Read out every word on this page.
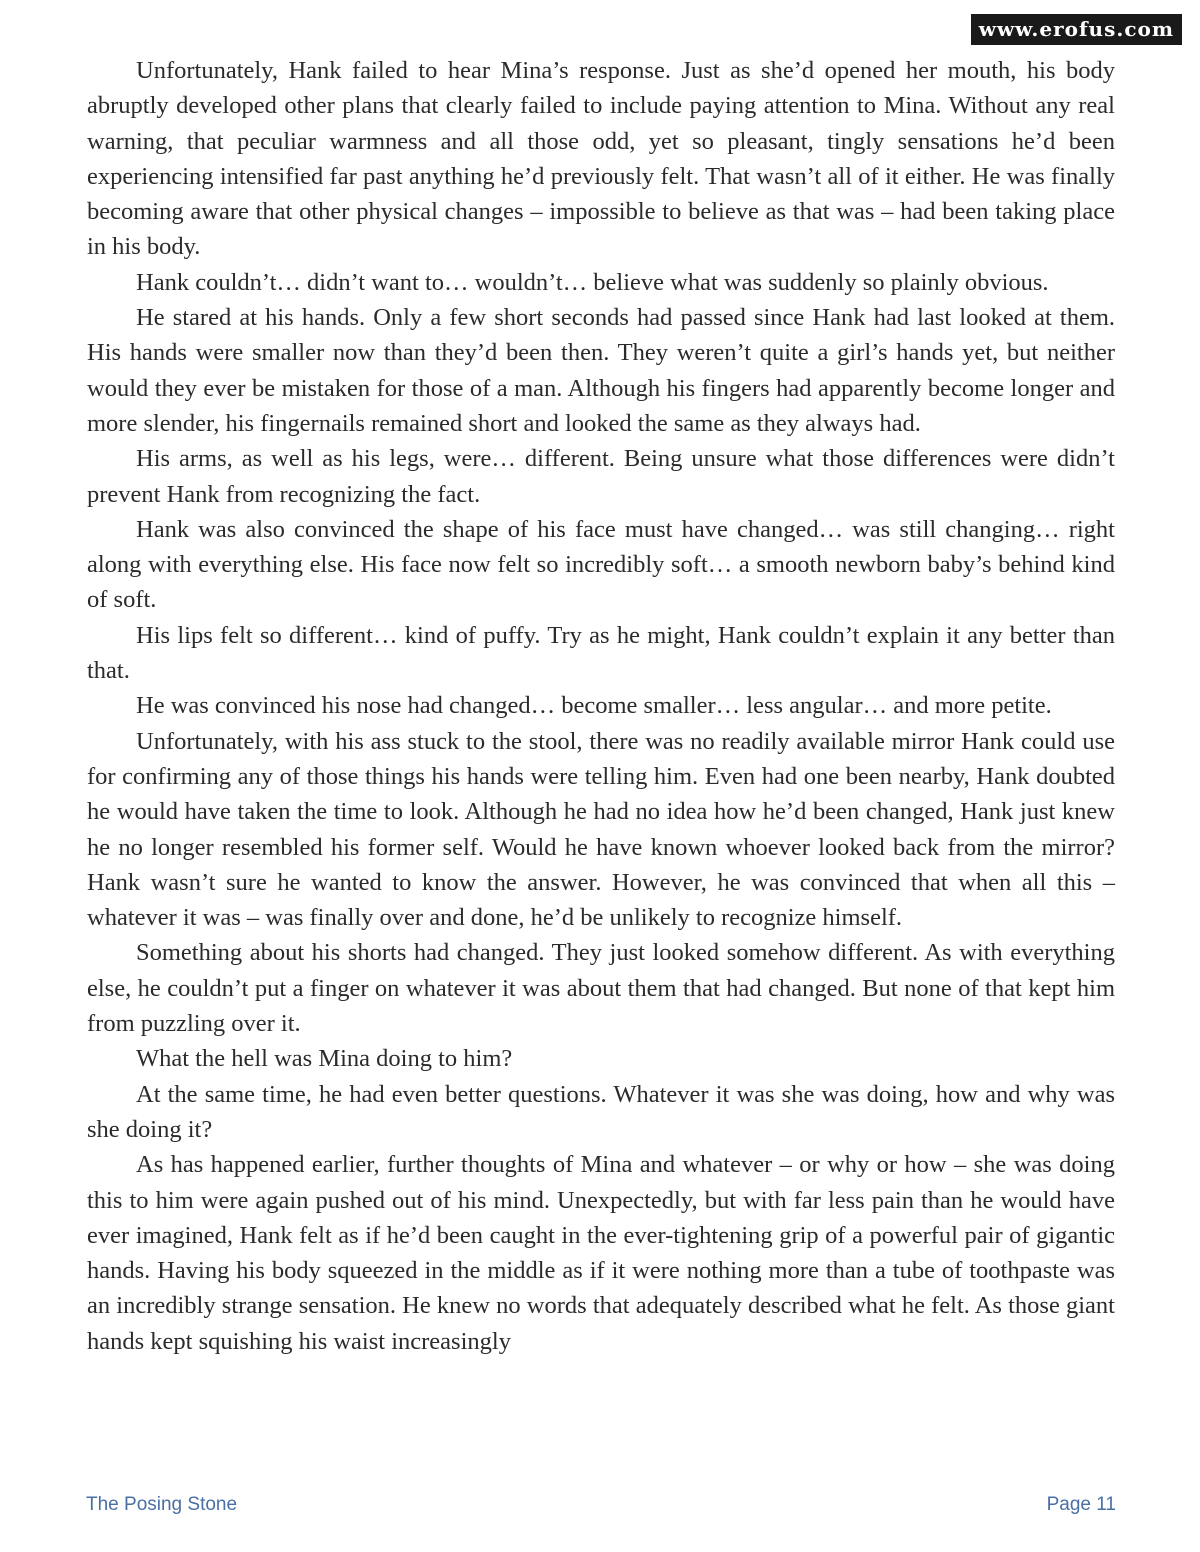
www.erofus.com

Unfortunately, Hank failed to hear Mina’s response. Just as she’d opened her mouth, his body abruptly developed other plans that clearly failed to include paying attention to Mina. Without any real warning, that peculiar warmness and all those odd, yet so pleasant, tingly sensations he’d been experiencing intensified far past anything he’d previously felt. That wasn’t all of it either. He was finally becoming aware that other physical changes – impossible to believe as that was – had been taking place in his body.

Hank couldn’t… didn’t want to… wouldn’t… believe what was suddenly so plainly obvious.

He stared at his hands. Only a few short seconds had passed since Hank had last looked at them. His hands were smaller now than they’d been then. They weren’t quite a girl’s hands yet, but neither would they ever be mistaken for those of a man. Although his fingers had apparently become longer and more slender, his fingernails remained short and looked the same as they always had.

His arms, as well as his legs, were… different. Being unsure what those differences were didn’t prevent Hank from recognizing the fact.

Hank was also convinced the shape of his face must have changed… was still changing… right along with everything else. His face now felt so incredibly soft… a smooth newborn baby’s behind kind of soft.

His lips felt so different… kind of puffy. Try as he might, Hank couldn’t explain it any better than that.

He was convinced his nose had changed… become smaller… less angular… and more petite.

Unfortunately, with his ass stuck to the stool, there was no readily available mirror Hank could use for confirming any of those things his hands were telling him. Even had one been nearby, Hank doubted he would have taken the time to look. Although he had no idea how he’d been changed, Hank just knew he no longer resembled his former self. Would he have known whoever looked back from the mirror? Hank wasn’t sure he wanted to know the answer. However, he was convinced that when all this – whatever it was – was finally over and done, he’d be unlikely to recognize himself.

Something about his shorts had changed. They just looked somehow different. As with everything else, he couldn’t put a finger on whatever it was about them that had changed. But none of that kept him from puzzling over it.

What the hell was Mina doing to him?

At the same time, he had even better questions. Whatever it was she was doing, how and why was she doing it?

As has happened earlier, further thoughts of Mina and whatever – or why or how – she was doing this to him were again pushed out of his mind. Unexpectedly, but with far less pain than he would have ever imagined, Hank felt as if he’d been caught in the ever-tightening grip of a powerful pair of gigantic hands. Having his body squeezed in the middle as if it were nothing more than a tube of toothpaste was an incredibly strange sensation. He knew no words that adequately described what he felt. As those giant hands kept squishing his waist increasingly

The Posing Stone	Page 11
